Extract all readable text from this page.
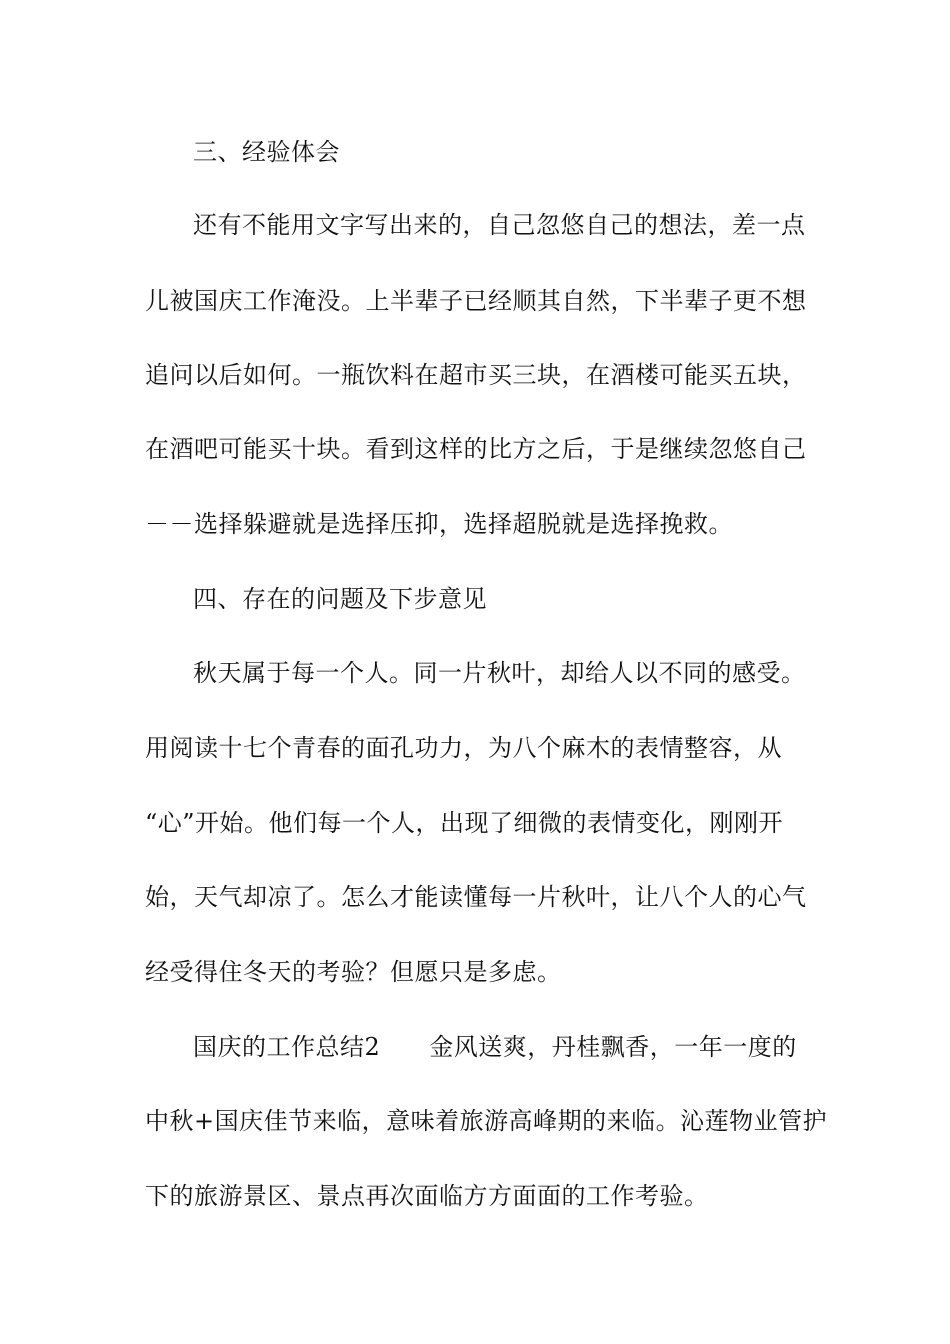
三、经验体会
还有不能用文字写出来的，自己忽悠自己的想法，差一点
儿被国庆工作淹没。上半辈子已经顺其自然，下半辈子更不想
追问以后如何。一瓶饮料在超市买三块，在酒楼可能买五块，
在酒吧可能买十块。看到这样的比方之后，于是继续忽悠自己
－－选择躲避就是选择压抑，选择超脱就是选择挽救。
四、存在的问题及下步意见
秋天属于每一个人。同一片秋叶，却给人以不同的感受。
用阅读十七个青春的面孔功力，为八个麻木的表情整容，从
“心”开始。他们每一个人，出现了细微的表情变化，刚刚开
始，天气却凉了。怎么才能读懂每一片秋叶，让八个人的心气
经受得住冬天的考验？但愿只是多虑。
国庆的工作总结2　　金风送爽，丹桂飘香，一年一度的
中秋+国庆佳节来临，意味着旅游高峰期的来临。沁莲物业管护
下的旅游景区、景点再次面临方方面面的工作考验。
